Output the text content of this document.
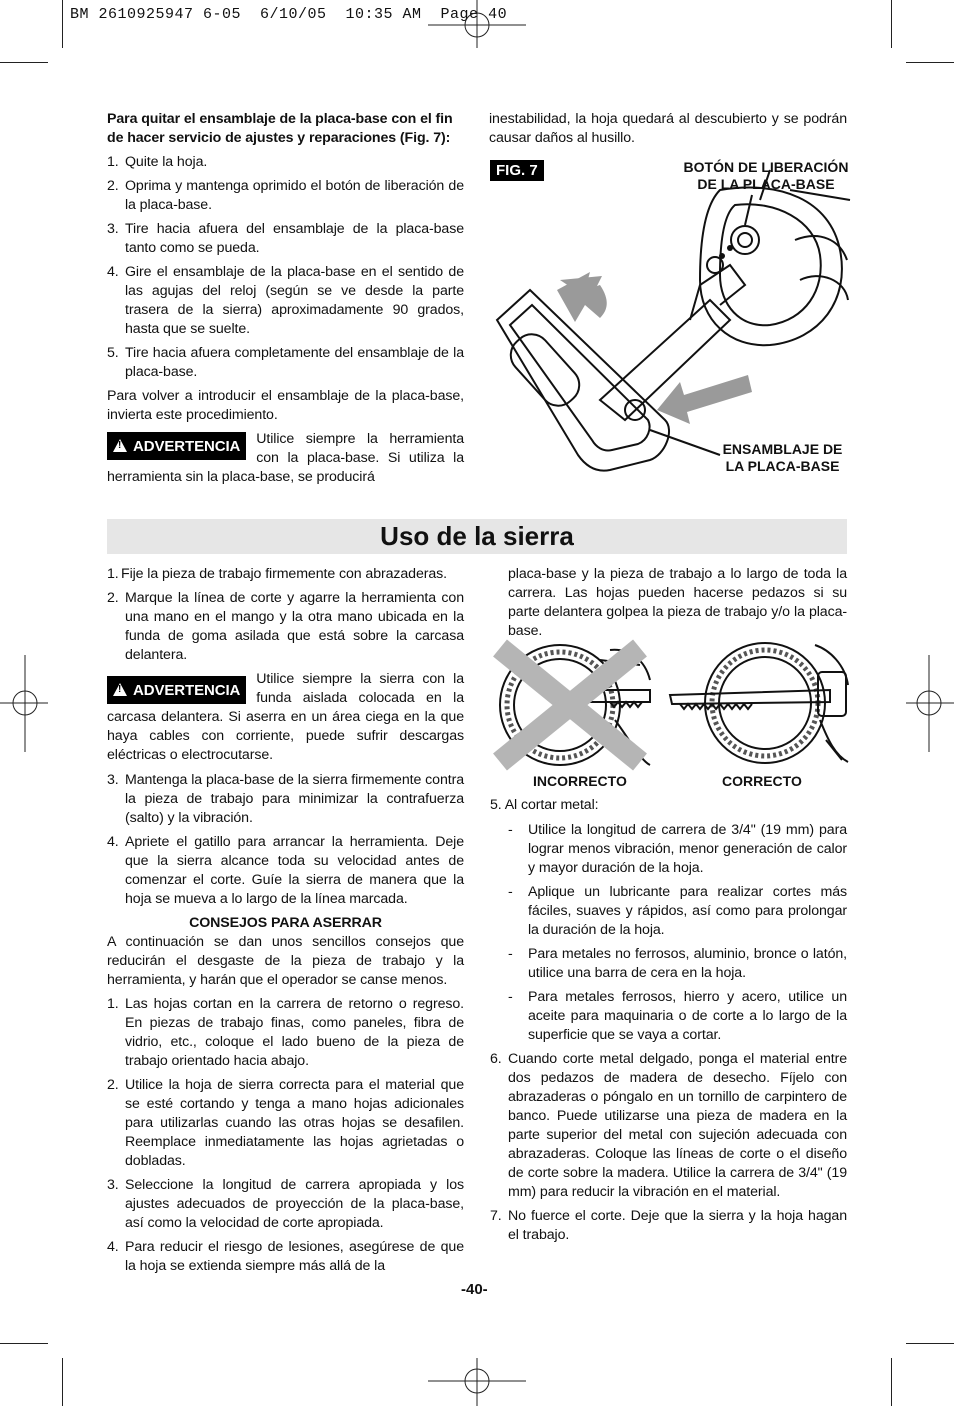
BM 2610925947 6-05  6/10/05  10:35 AM  Page 40

Para quitar el ensamblaje de la placa-base con el fin de hacer servicio de ajustes y reparaciones (Fig. 7):

1. Quite la hoja.
2. Oprima y mantenga oprimido el botón de liberación de la placa-base.
3. Tire hacia afuera del ensamblaje de la placa-base tanto como se pueda.
4. Gire el ensamblaje de la placa-base en el sentido de las agujas del reloj (según se ve desde la parte trasera de la sierra) aproximadamente 90 grados, hasta que se suelte.
5. Tire hacia afuera completamente del ensamblaje de la placa-base.

Para volver a introducir el ensamblaje de la placa-base, invierta este procedimiento.

!ADVERTENCIA	Utilice siempre la herramienta con la placa-base. Si utiliza la herramienta sin la placa-base, se producirá

inestabilidad, la hoja quedará al descubierto y se podrán causar daños al husillo.

FIG. 7	BOTÓN DE LIBERACIÓN
DE LA PLACA-BASE
ENSAMBLAJE DE
LA PLACA-BASE
Uso de la sierra
1. Fije la pieza de trabajo firmemente con abrazaderas.
2. Marque la línea de corte y agarre la herramienta con una mano en el mango y la otra mano ubicada en la funda de goma asilada que está sobre la carcasa delantera.
!ADVERTENCIA
Utilice siempre la sierra con la funda aislada colocada en la carcasa delantera. Si aserra en un área ciega en la que haya cables con corriente, puede sufrir descargas eléctricas o electrocutarse.
3. Mantenga la placa-base de la sierra firmemente contra la pieza de trabajo para minimizar la contrafuerza (salto) y la vibración.
4. Apriete el gatillo para arrancar la herramienta. Deje que la sierra alcance toda su velocidad antes de comenzar el corte. Guíe la sierra de manera que la hoja se mueva a lo largo de la línea marcada.

CONSEJOS PARA ASERRAR

A continuación se dan unos sencillos consejos que reducirán el desgaste de la pieza de trabajo y la herramienta, y harán que el operador se canse menos.

1. Las hojas cortan en la carrera de retorno o regreso. En piezas de trabajo finas, como paneles, fibra de vidrio, etc., coloque el lado bueno de la pieza de trabajo orientado hacia abajo.
2. Utilice la hoja de sierra correcta para el material que se esté cortando y tenga a mano hojas adicionales para utilizarlas cuando las otras hojas se desafilen. Reemplace inmediatamente las hojas agrietadas o dobladas.
3. Seleccione la longitud de carrera apropiada y los ajustes adecuados de proyección de la placa-base, así como la velocidad de corte apropiada.
4. Para reducir el riesgo de lesiones, asegúrese de que la hoja se extienda siempre más allá de la

placa-base y la pieza de trabajo a lo largo de toda la carrera. Las hojas pueden hacerse pedazos si su parte delantera golpea la pieza de trabajo y/o la placa-base.

INCORRECTO	CORRECTO

5. Al cortar metal:

- Utilice la longitud de carrera de 3/4" (19 mm) para lograr menos vibración, menor generación de calor y mayor duración de la hoja.
- Aplique un lubricante para realizar cortes más fáciles, suaves y rápidos, así como para prolongar la duración de la hoja.
- Para metales no ferrosos, aluminio, bronce o latón, utilice una barra de cera en la hoja.
- Para metales ferrosos, hierro y acero, utilice un aceite para maquinaria o de corte a lo largo de la superficie que se vaya a cortar.
6. Cuando corte metal delgado, ponga el material entre dos pedazos de madera de desecho. Fíjelo con abrazaderas o póngalo en un tornillo de carpintero de banco. Puede utilizarse una pieza de madera en la parte superior del metal con sujeción adecuada con abrazaderas. Coloque las líneas de corte o el diseño de corte sobre la madera. Utilice la carrera de 3/4" (19 mm) para reducir la vibración en el material.
7. No fuerce el corte. Deje que la sierra y la hoja hagan el trabajo.
-40-
